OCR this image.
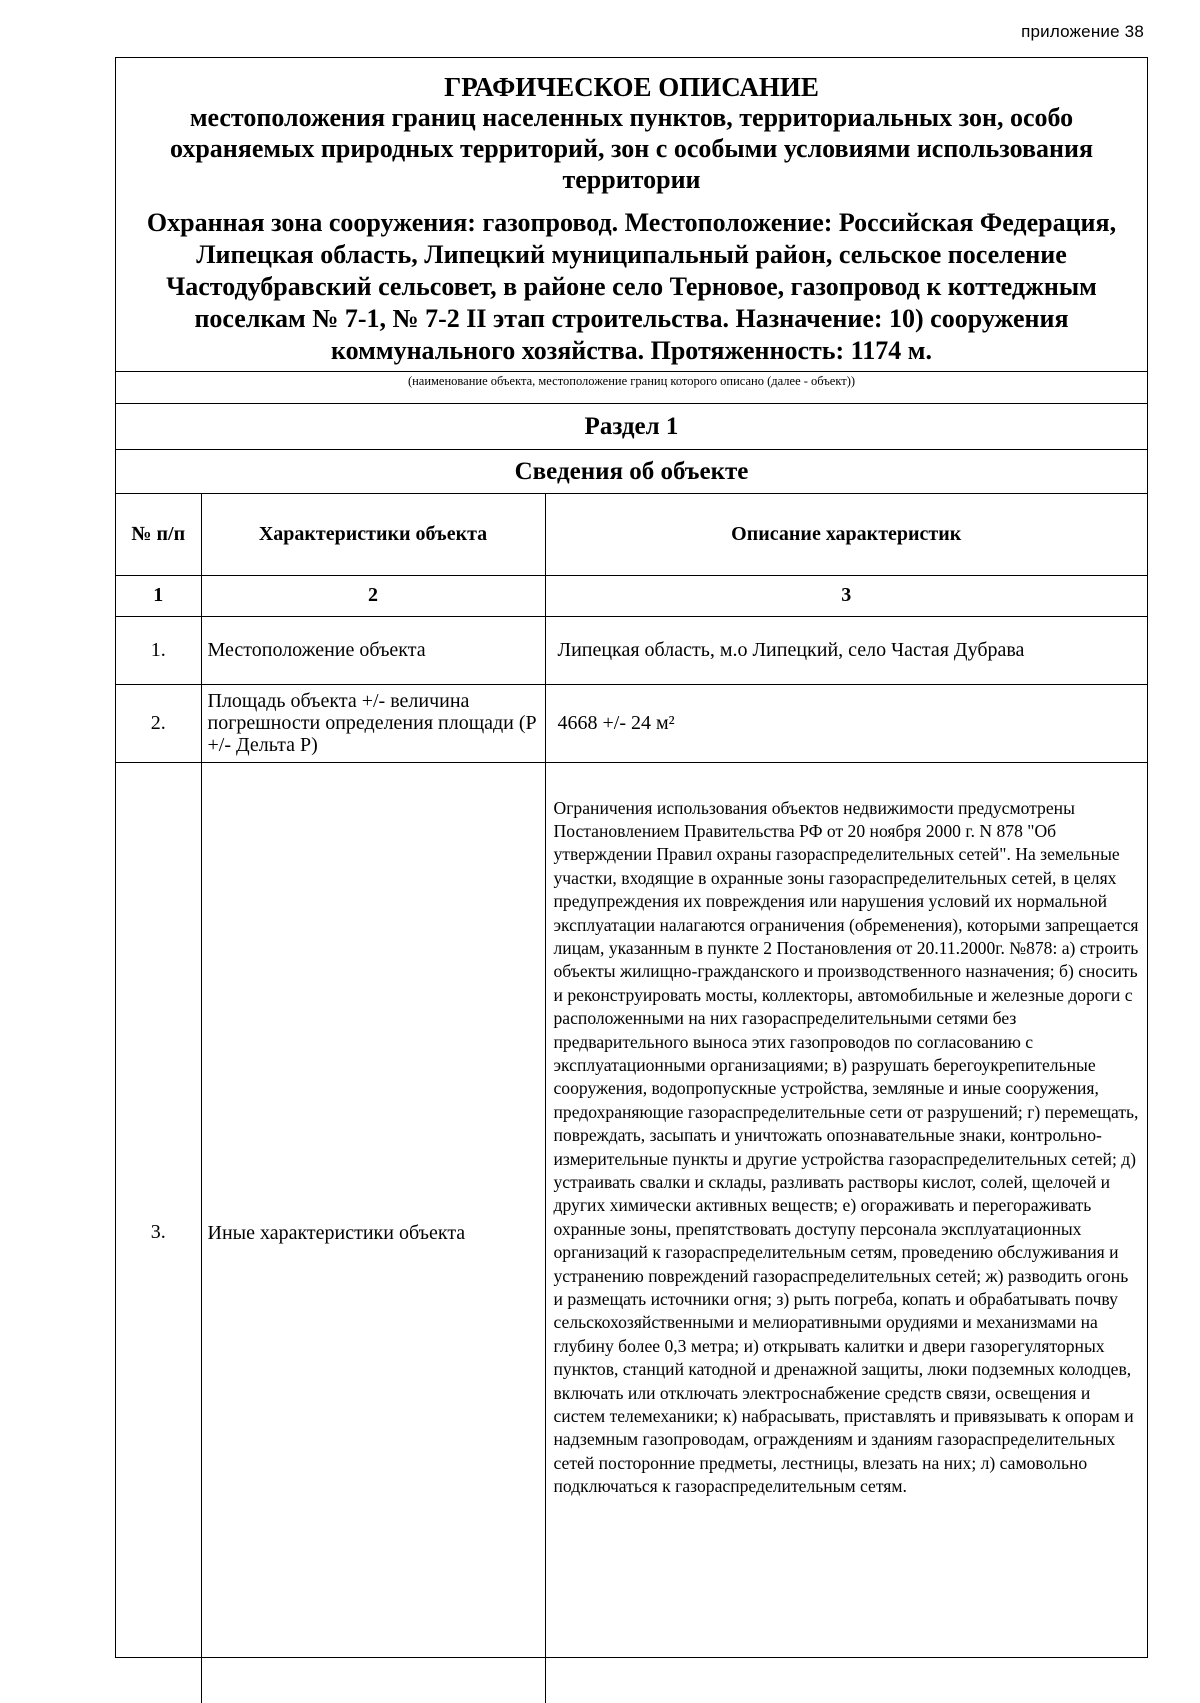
приложение 38
ГРАФИЧЕСКОЕ ОПИСАНИЕ
местоположения границ населенных пунктов, территориальных зон, особо охраняемых природных территорий, зон с особыми условиями использования территории
Охранная зона сооружения: газопровод. Местоположение: Российская Федерация, Липецкая область, Липецкий муниципальный район, сельское поселение Частодубравский сельсовет, в районе село Терновое, газопровод к коттеджным поселкам № 7-1, № 7-2 II этап строительства. Назначение: 10) сооружения коммунального хозяйства. Протяженность: 1174 м.
(наименование объекта, местоположение границ которого описано (далее - объект))
Раздел 1
Сведения об объекте
№ п/п	Характеристики объекта	Описание характеристик
1	2	3
1.	Местоположение объекта	Липецкая область, м.о Липецкий, село Частая Дубрава
2.	Площадь объекта +/- величина погрешности определения площади (Р +/- Дельта Р)	4668 +/- 24 м²
3.	Иные характеристики объекта	Ограничения использования объектов недвижимости предусмотрены Постановлением Правительства РФ от 20 ноября 2000 г. N 878 "Об утверждении Правил охраны газораспределительных сетей". На земельные участки, входящие в охранные зоны газораспределительных сетей, в целях предупреждения их повреждения или нарушения условий их нормальной эксплуатации налагаются ограничения (обременения), которыми запрещается лицам, указанным в пункте 2 Постановления от 20.11.2000г. №878: а) строить объекты жилищно-гражданского и производственного назначения; б) сносить и реконструировать мосты, коллекторы, автомобильные и железные дороги с расположенными на них газораспределительными сетями без предварительного выноса этих газопроводов по согласованию с эксплуатационными организациями; в) разрушать берегоукрепительные сооружения, водопропускные устройства, земляные и иные сооружения, предохраняющие газораспределительные сети от разрушений; г) перемещать, повреждать, засыпать и уничтожать опознавательные знаки, контрольно-измерительные пункты и другие устройства газораспределительных сетей; д) устраивать свалки и склады, разливать растворы кислот, солей, щелочей и других химически активных веществ; е) огораживать и перегораживать охранные зоны, препятствовать доступу персонала эксплуатационных организаций к газораспределительным сетям, проведению обслуживания и устранению повреждений газораспределительных сетей; ж) разводить огонь и размещать источники огня; з) рыть погреба, копать и обрабатывать почву сельскохозяйственными и мелиоративными орудиями и механизмами на глубину более 0,3 метра; и) открывать калитки и двери газорегуляторных пунктов, станций катодной и дренажной защиты, люки подземных колодцев, включать или отключать электроснабжение средств связи, освещения и систем телемеханики; к) набрасывать, приставлять и привязывать к опорам и надземным газопроводам, ограждениям и зданиям газораспределительных сетей посторонние предметы, лестницы, влезать на них; л) самовольно подключаться к газораспределительным сетям.
